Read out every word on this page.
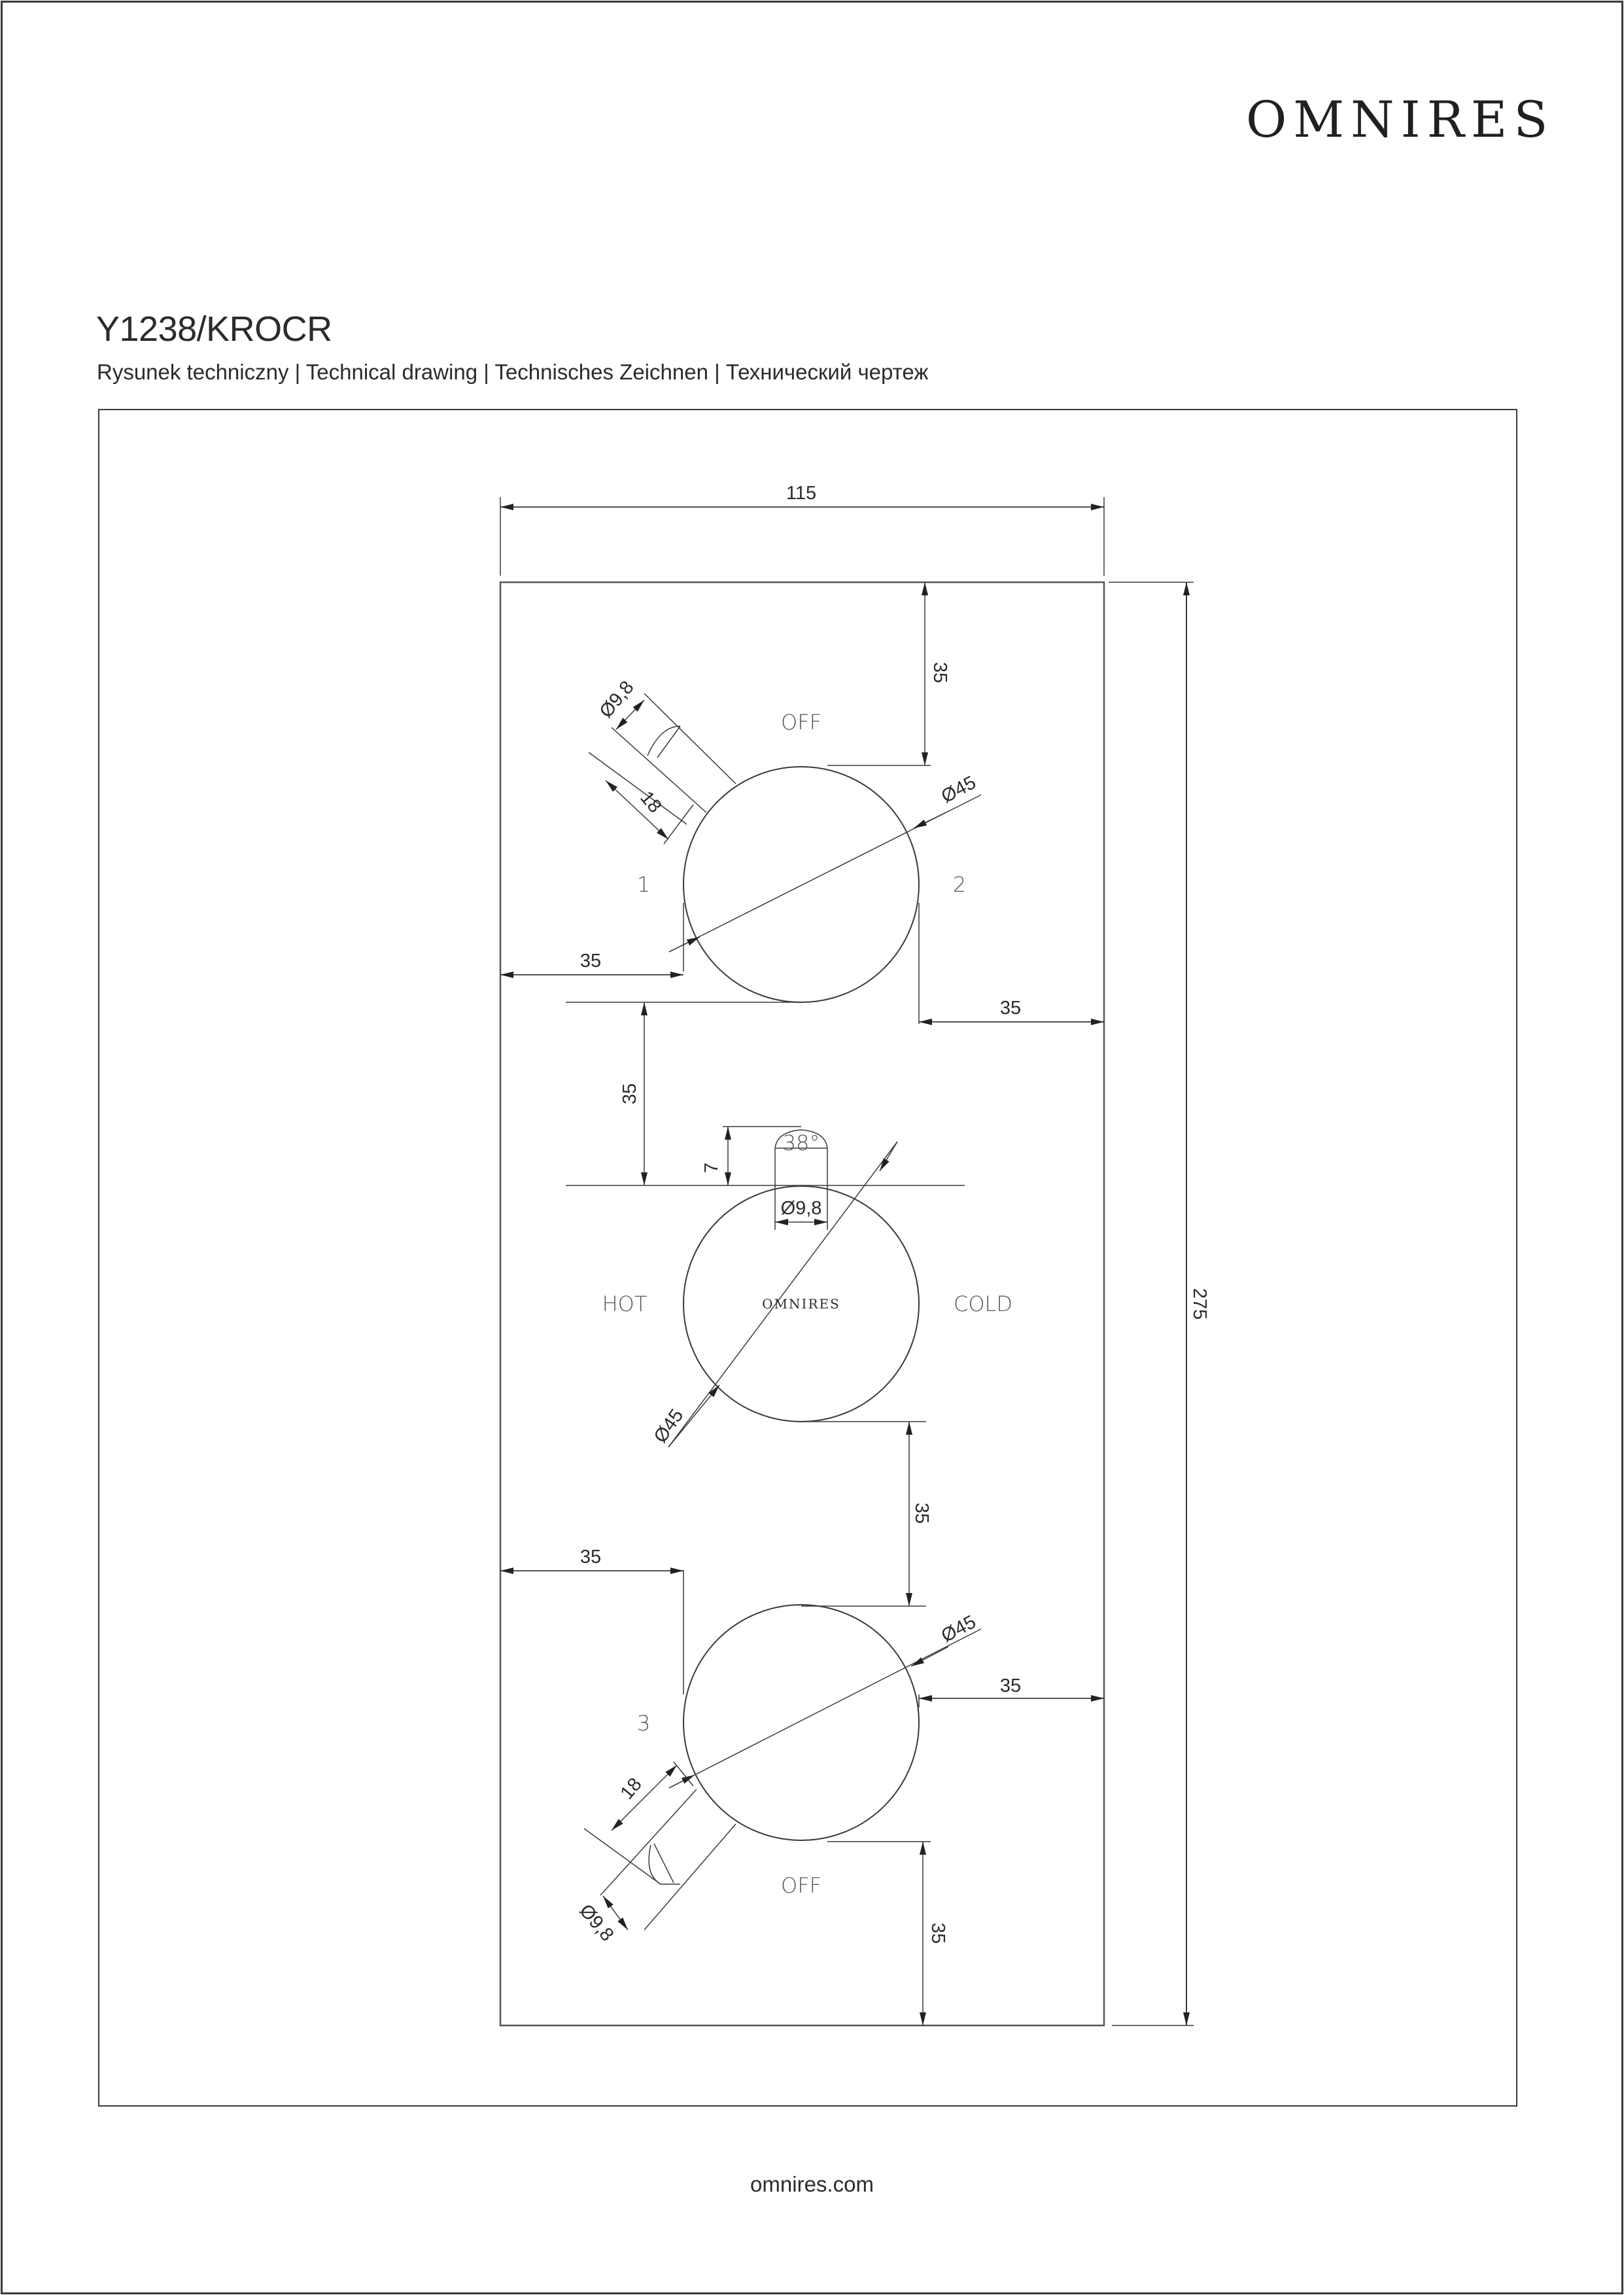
OMNIRES
Y1238/KROCR
Rysunek techniczny | Technical drawing | Technisches Zeichnen | Технический чертеж
115
275
OFF
1	2
35
35
35
Ø45
Ø9,8
18
35
7
38°
Ø9,8
HOT	COLD
OMNIRES
Ø45
35
35
35
Ø45
3
18
Ø9,8
OFF
35
omnires.com
